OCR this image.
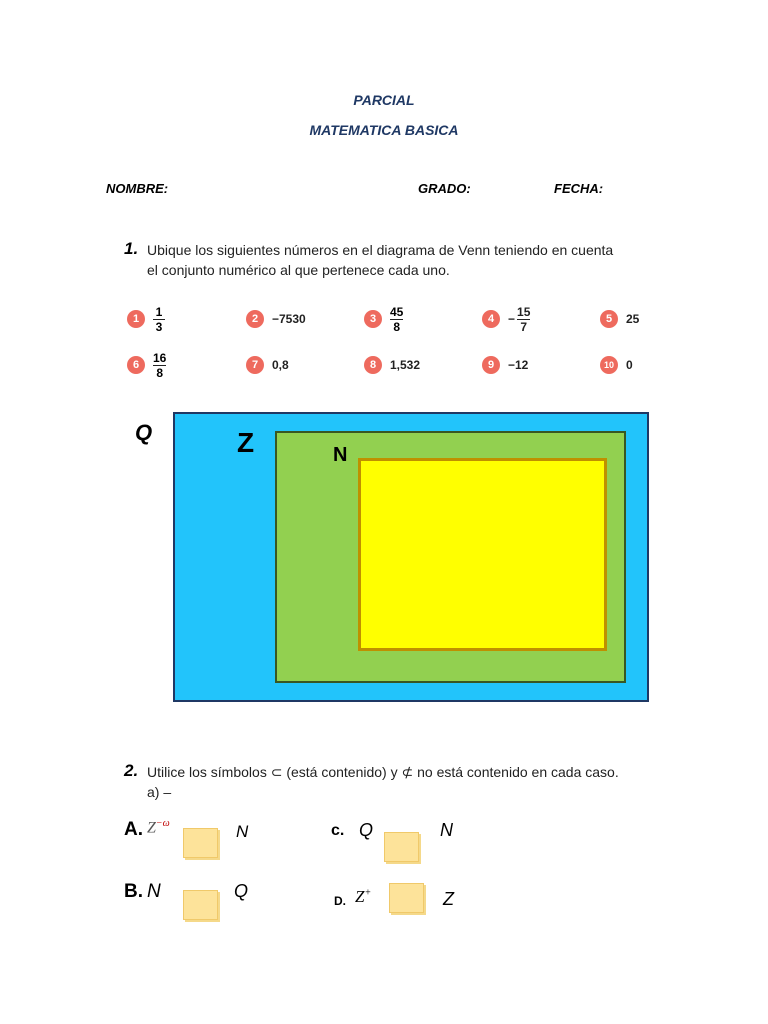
PARCIAL
MATEMATICA BASICA
NOMBRE:	GRADO:	FECHA:
1. Ubique los siguientes números en el diagrama de Venn teniendo en cuenta
el conjunto numérico al que pertenece cada uno.
1	$\frac{1}{3}$	2	−7530	3	$\frac{45}{8}$	4	− $\frac{15}{7}$	5	25
6	$\frac{16}{8}$	7	0,8	8	1,532	9	−12	10	0
Q	Z	N
2. Utilice los símbolos ⊂ (está contenido) y ⊄ no está contenido en cada caso.
a) –
A. $Z^{-\omega}$	N	c. Q	N
B. N	Q	D. Z+	Z
